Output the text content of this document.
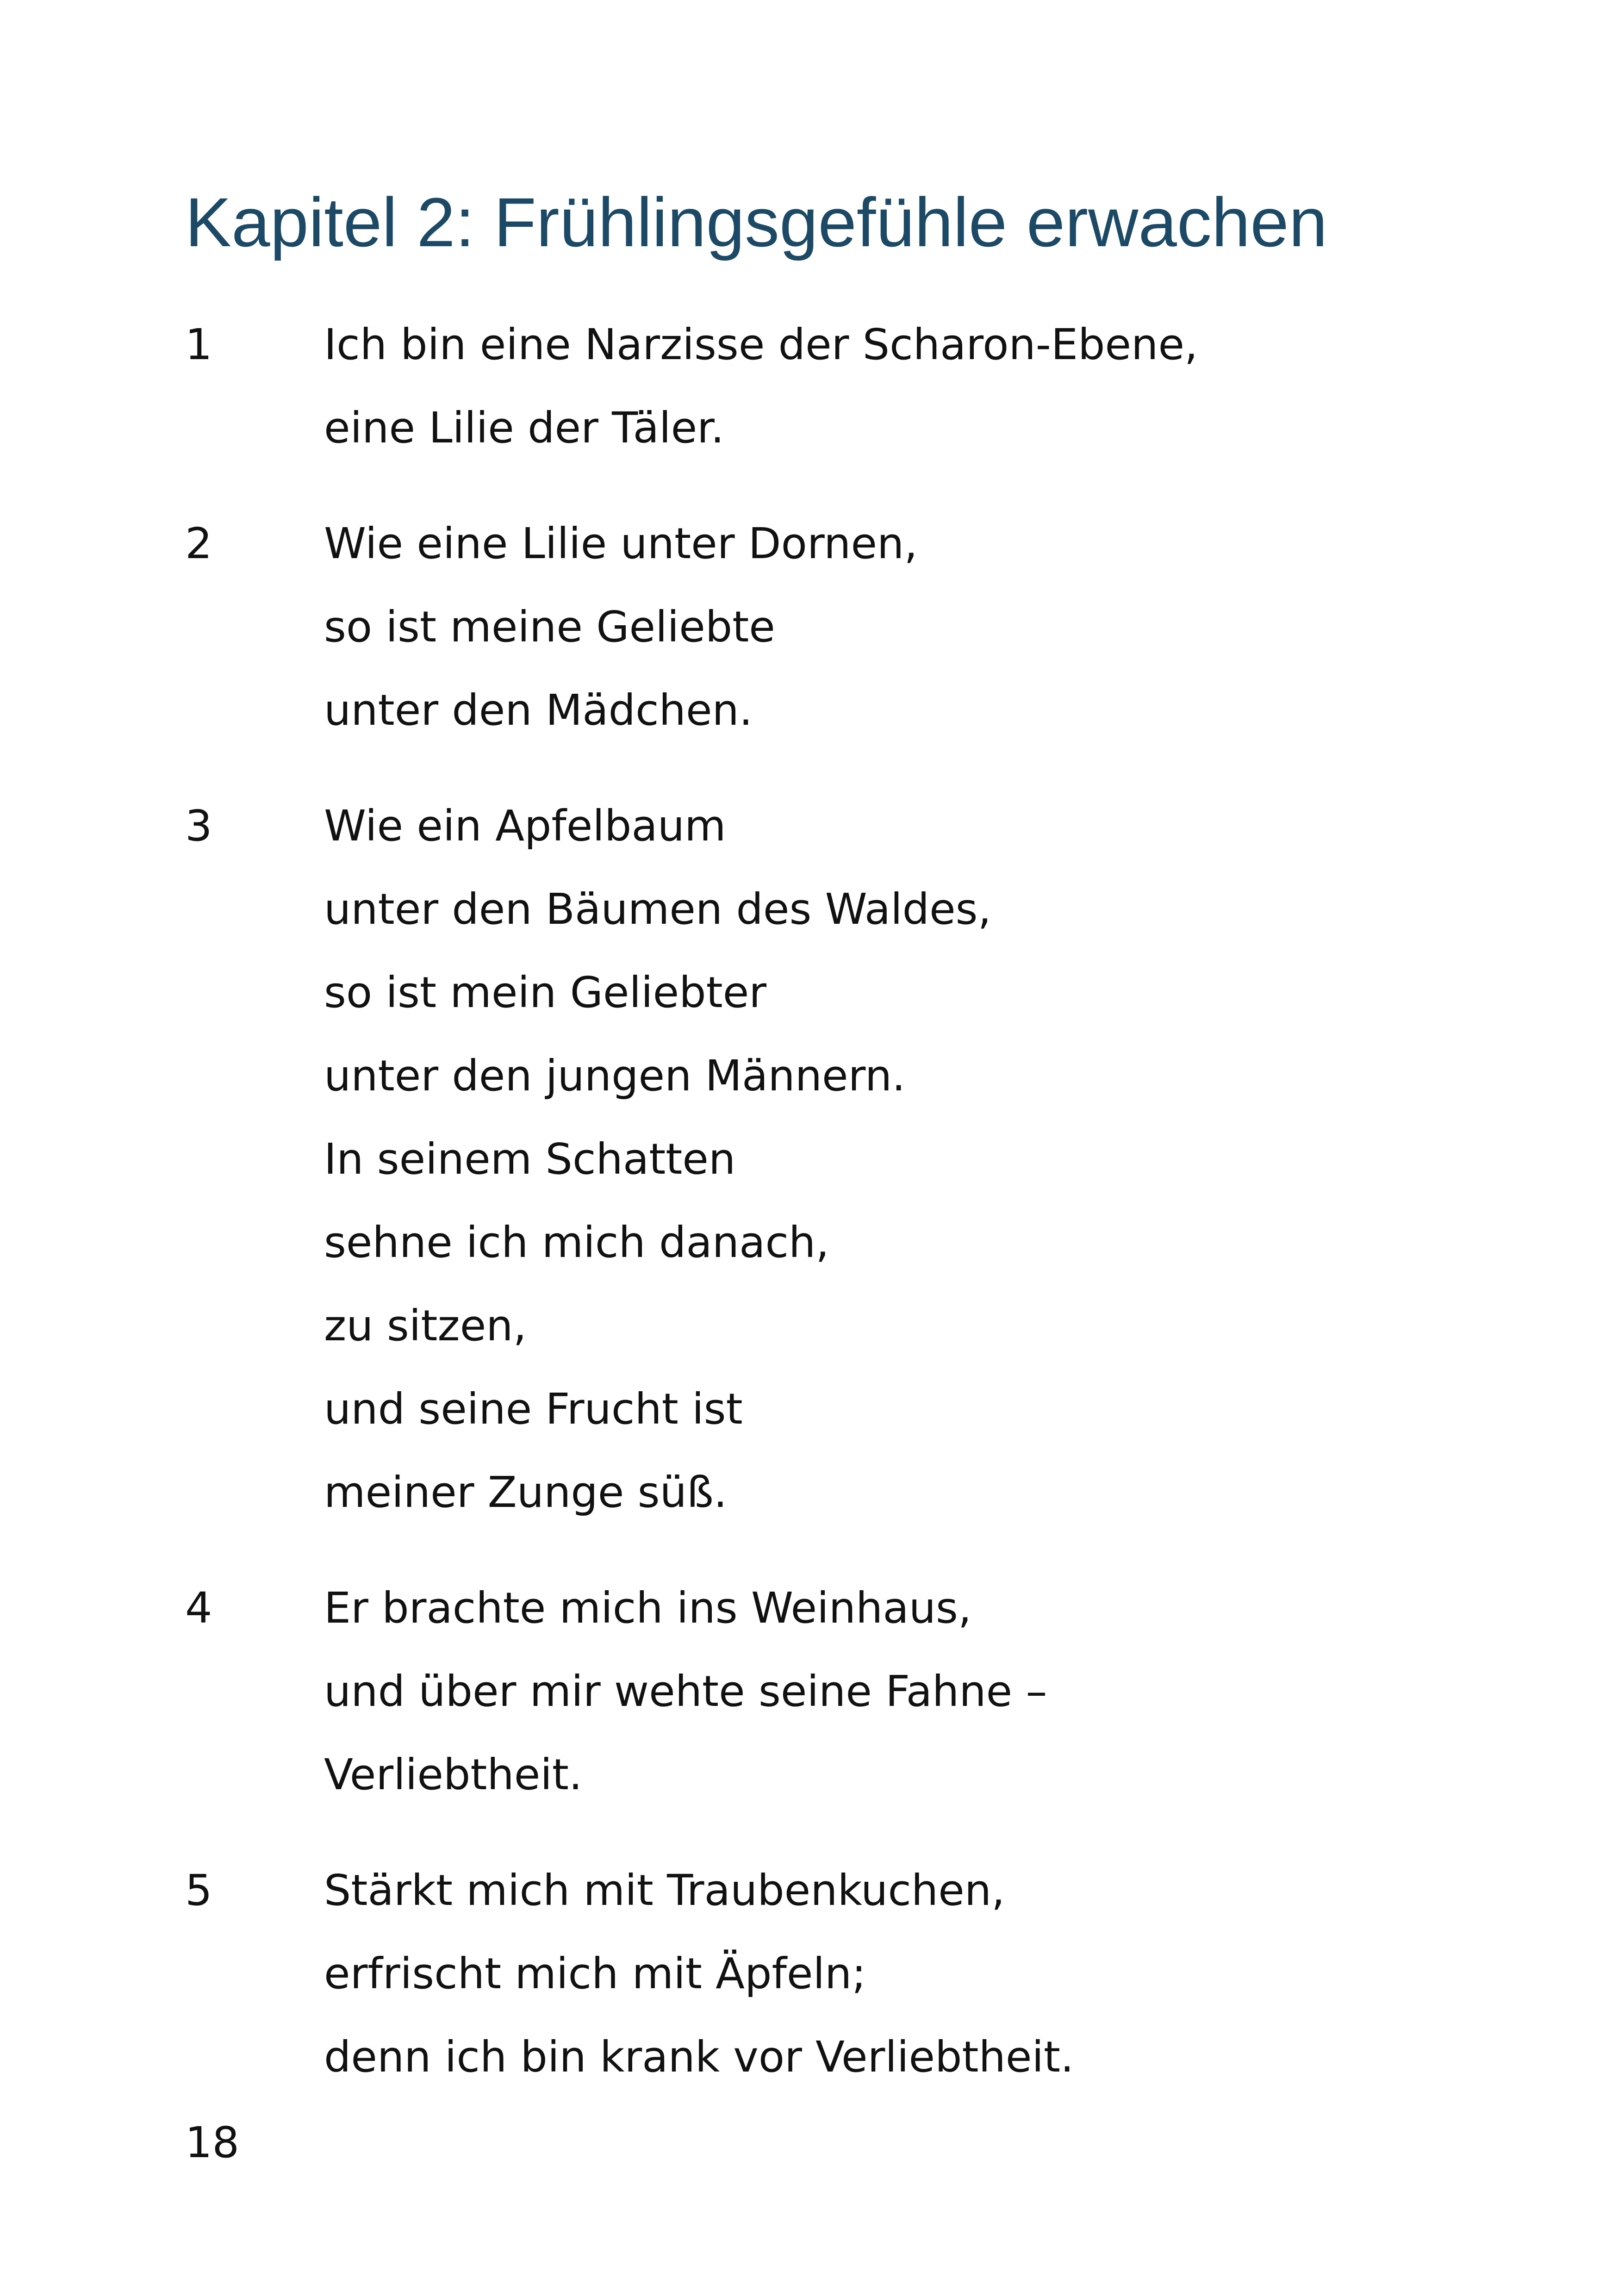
Kapitel 2: Frühlingsgefühle erwachen
1	Ich bin eine Narzisse der Scharon-Ebene,
eine Lilie der Täler.
2	Wie eine Lilie unter Dornen,
so ist meine Geliebte
unter den Mädchen.
3	Wie ein Apfelbaum
unter den Bäumen des Waldes,
so ist mein Geliebter
unter den jungen Männern.
In seinem Schatten
sehne ich mich danach,
zu sitzen,
und seine Frucht ist
meiner Zunge süß.
4	Er brachte mich ins Weinhaus,
und über mir wehte seine Fahne –
Verliebtheit.
5	Stärkt mich mit Traubenkuchen,
erfrischt mich mit Äpfeln;
denn ich bin krank vor Verliebtheit.
18
